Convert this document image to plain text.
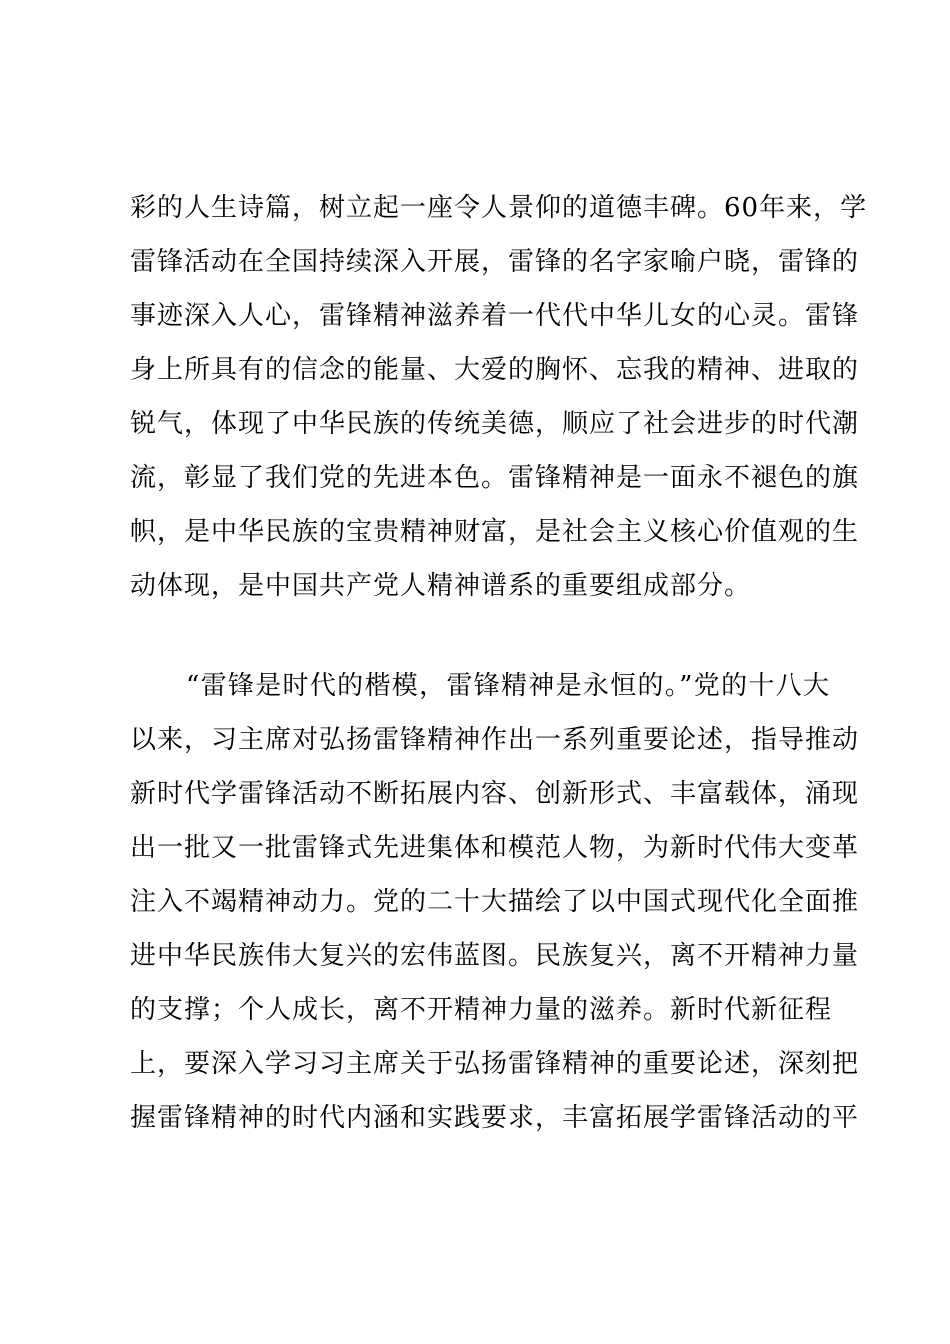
彩的人生诗篇，树立起一座令人景仰的道德丰碑。60年来，学
雷锋活动在全国持续深入开展，雷锋的名字家喻户晓，雷锋的
事迹深入人心，雷锋精神滋养着一代代中华儿女的心灵。雷锋
身上所具有的信念的能量、大爱的胸怀、忘我的精神、进取的
锐气，体现了中华民族的传统美德，顺应了社会进步的时代潮
流，彰显了我们党的先进本色。雷锋精神是一面永不褪色的旗
帜，是中华民族的宝贵精神财富，是社会主义核心价值观的生
动体现，是中国共产党人精神谱系的重要组成部分。
“雷锋是时代的楷模，雷锋精神是永恒的。”党的十八大
以来，习主席对弘扬雷锋精神作出一系列重要论述，指导推动
新时代学雷锋活动不断拓展内容、创新形式、丰富载体，涌现
出一批又一批雷锋式先进集体和模范人物，为新时代伟大变革
注入不竭精神动力。党的二十大描绘了以中国式现代化全面推
进中华民族伟大复兴的宏伟蓝图。民族复兴，离不开精神力量
的支撑；个人成长，离不开精神力量的滋养。新时代新征程
上，要深入学习习主席关于弘扬雷锋精神的重要论述，深刻把
握雷锋精神的时代内涵和实践要求，丰富拓展学雷锋活动的平
